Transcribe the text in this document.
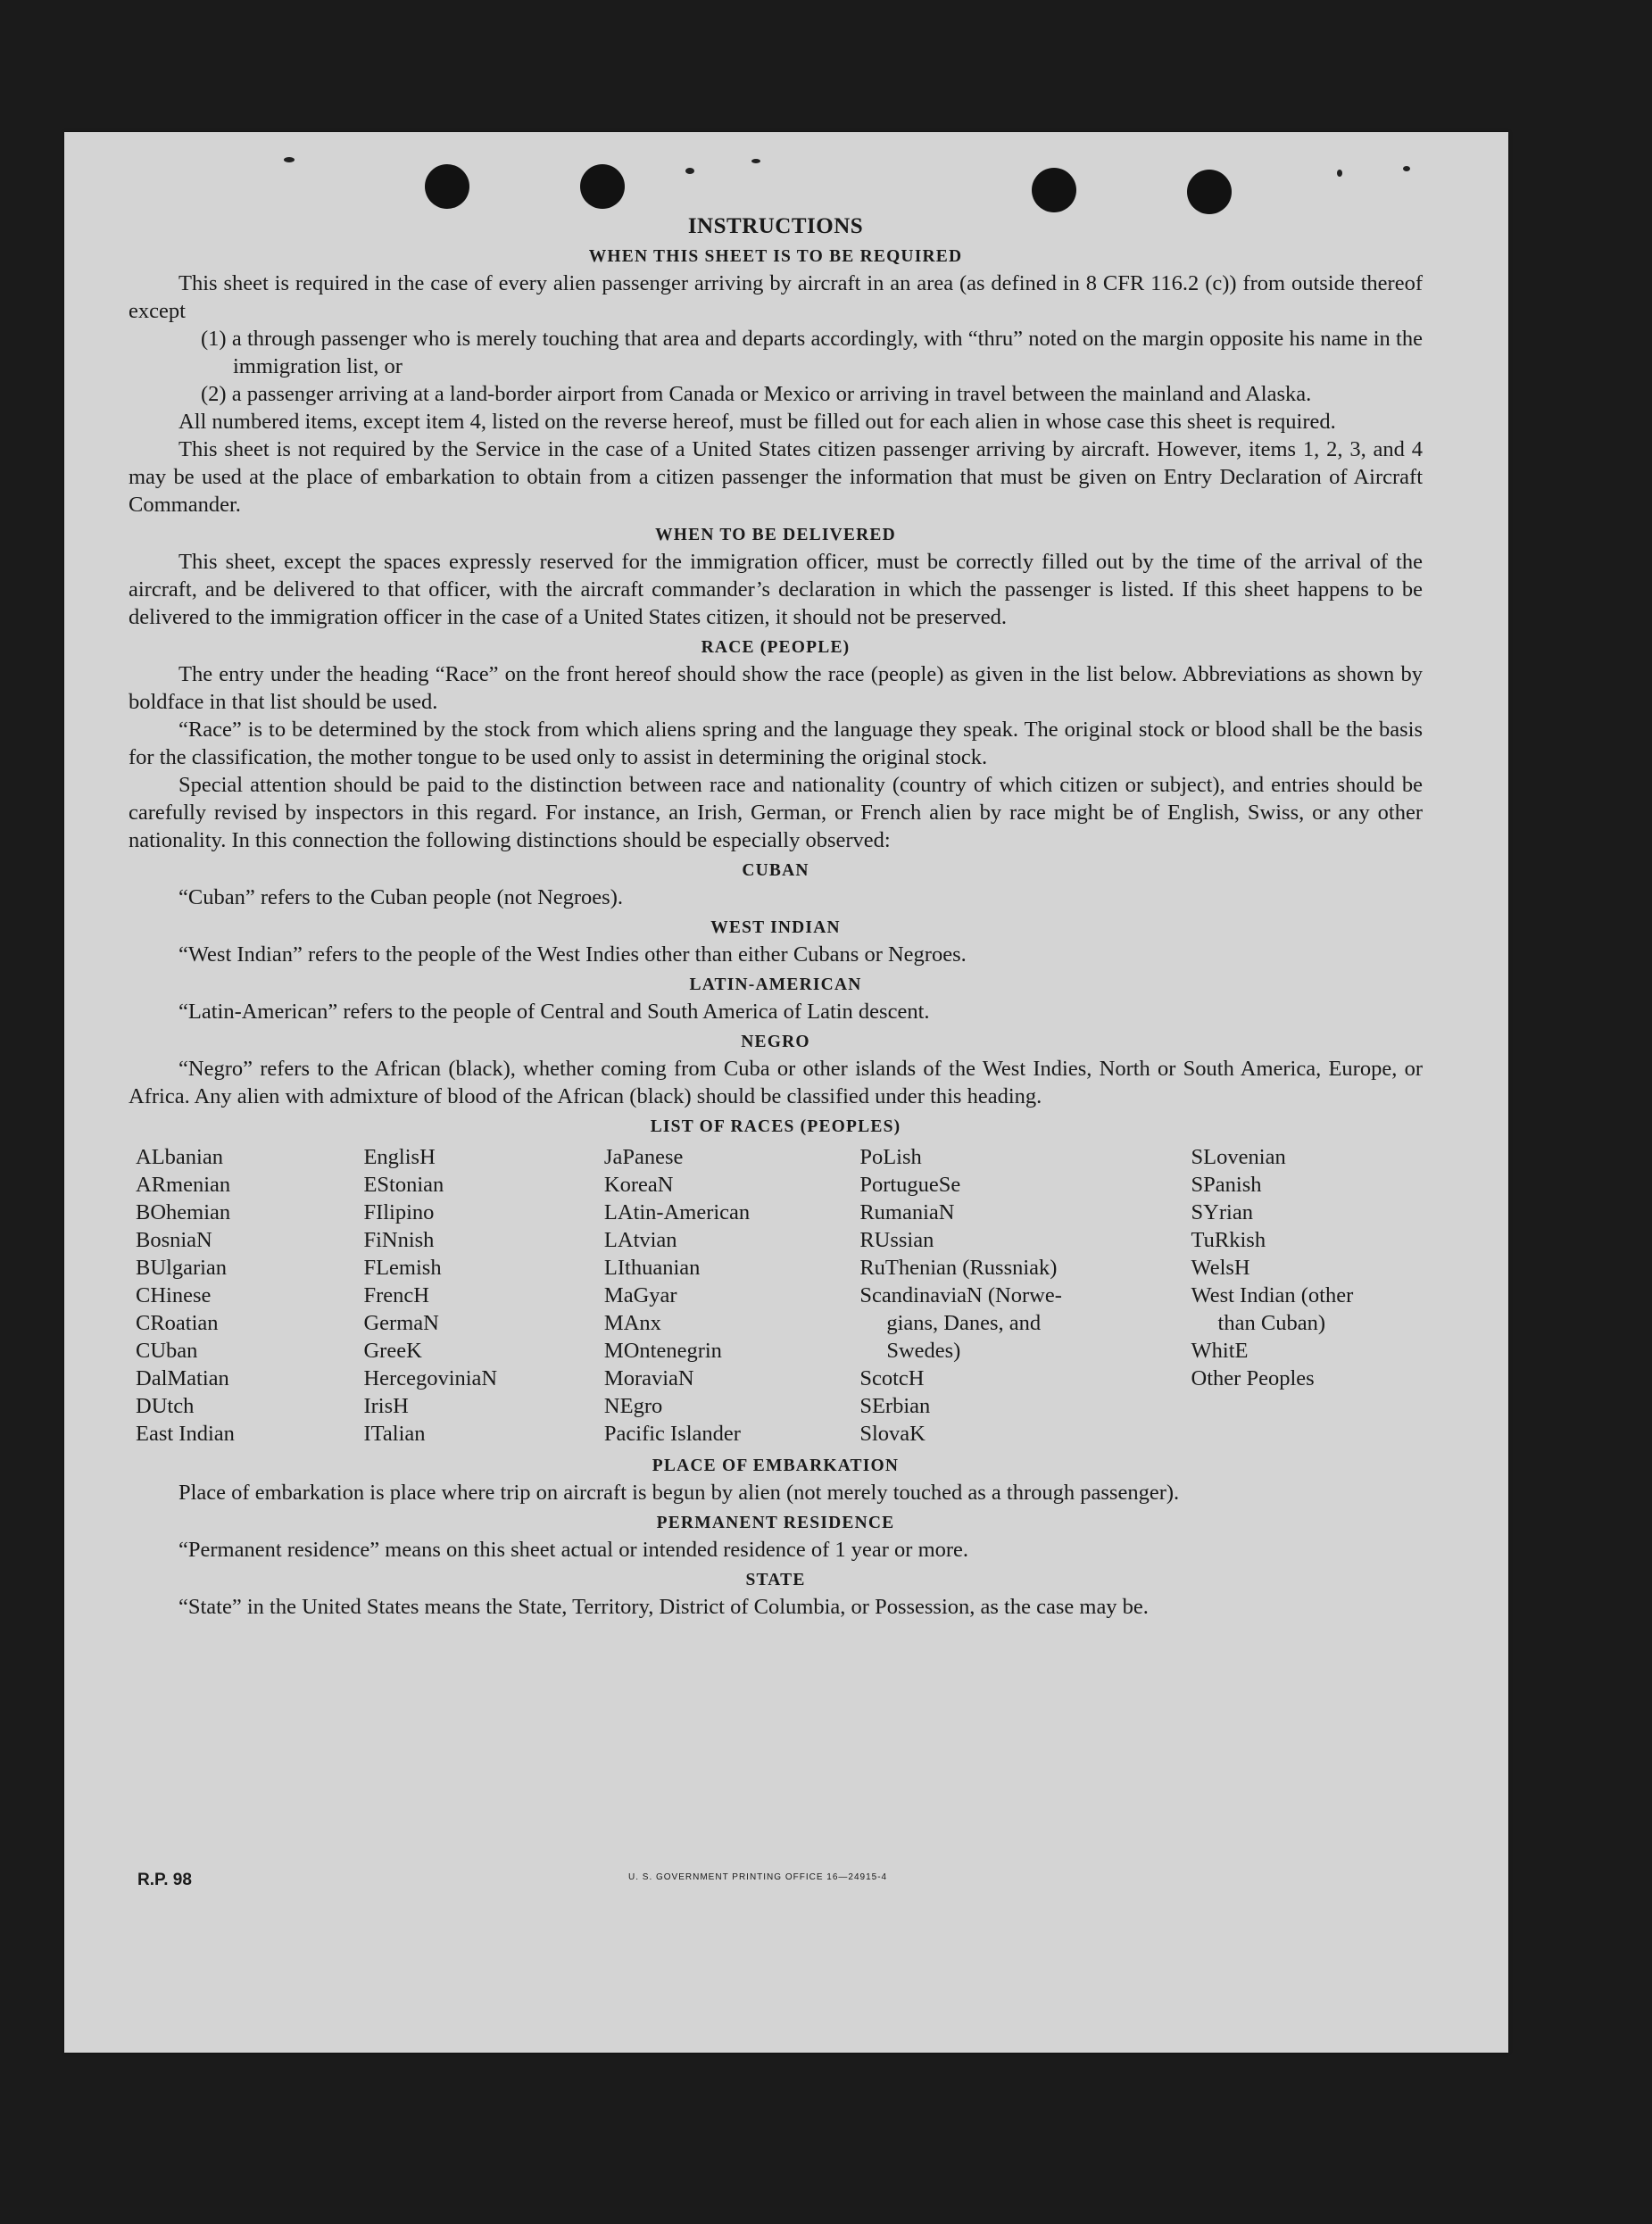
INSTRUCTIONS
WHEN THIS SHEET IS TO BE REQUIRED

This sheet is required in the case of every alien passenger arriving by aircraft in an area (as defined in 8 CFR 116.2 (c)) from outside thereof except

(1) a through passenger who is merely touching that area and departs accordingly, with “thru” noted on the margin opposite his name in the immigration list, or
(2) a passenger arriving at a land-border airport from Canada or Mexico or arriving in travel between the mainland and Alaska.

All numbered items, except item 4, listed on the reverse hereof, must be filled out for each alien in whose case this sheet is required.

This sheet is not required by the Service in the case of a United States citizen passenger arriving by aircraft. However, items 1, 2, 3, and 4 may be used at the place of embarkation to obtain from a citizen passenger the information that must be given on Entry Declaration of Aircraft Commander.

WHEN TO BE DELIVERED

This sheet, except the spaces expressly reserved for the immigration officer, must be correctly filled out by the time of the arrival of the aircraft, and be delivered to that officer, with the aircraft commander’s declaration in which the passenger is listed. If this sheet happens to be delivered to the immigration officer in the case of a United States citizen, it should not be preserved.

RACE (PEOPLE)

The entry under the heading “Race” on the front hereof should show the race (people) as given in the list below. Abbreviations as shown by boldface in that list should be used.

“Race” is to be determined by the stock from which aliens spring and the language they speak. The original stock or blood shall be the basis for the classification, the mother tongue to be used only to assist in determining the original stock.

Special attention should be paid to the distinction between race and nationality (country of which citizen or subject), and entries should be carefully revised by inspectors in this regard. For instance, an Irish, German, or French alien by race might be of English, Swiss, or any other nationality. In this connection the following distinctions should be especially observed:

CUBAN

“Cuban” refers to the Cuban people (not Negroes).

WEST INDIAN

“West Indian” refers to the people of the West Indies other than either Cubans or Negroes.

LATIN-AMERICAN

“Latin-American” refers to the people of Central and South America of Latin descent.

NEGRO

“Negro” refers to the African (black), whether coming from Cuba or other islands of the West Indies, North or South America, Europe, or Africa. Any alien with admixture of blood of the African (black) should be classified under this heading.

LIST OF RACES (PEOPLES)
ALbanian
ARmenian
BOhemian
BosniaN
BUlgarian
CHinese
CRoatian
CUban
DalMatian
DUtch
East Indian
EnglisH
EStonian
FIlipino
FiNnish
FLemish
FrencH
GermaN
GreeK
HercegoviniaN
IrisH
ITalian
JaPanese
KoreaN
LAtin-American
LAtvian
LIthuanian
MaGyar
MAnx
MOntenegrin
MoraviaN
NEgro
Pacific Islander
PoLish
PortugueSe
RumaniaN
RUssian
RuThenian (Russniak)
ScandinaviaN (Norwe-
gians, Danes, and
Swedes)
ScotcH
SErbian
SlovaK
SLovenian
SPanish
SYrian
TuRkish
WelsH
West Indian (other
than Cuban)
WhitE
Other Peoples
PLACE OF EMBARKATION

Place of embarkation is place where trip on aircraft is begun by alien (not merely touched as a through passenger).

PERMANENT RESIDENCE

“Permanent residence” means on this sheet actual or intended residence of 1 year or more.

STATE

“State” in the United States means the State, Territory, District of Columbia, or Possession, as the case may be.

R.P. 98	U. S. GOVERNMENT PRINTING OFFICE 16—24915-4
